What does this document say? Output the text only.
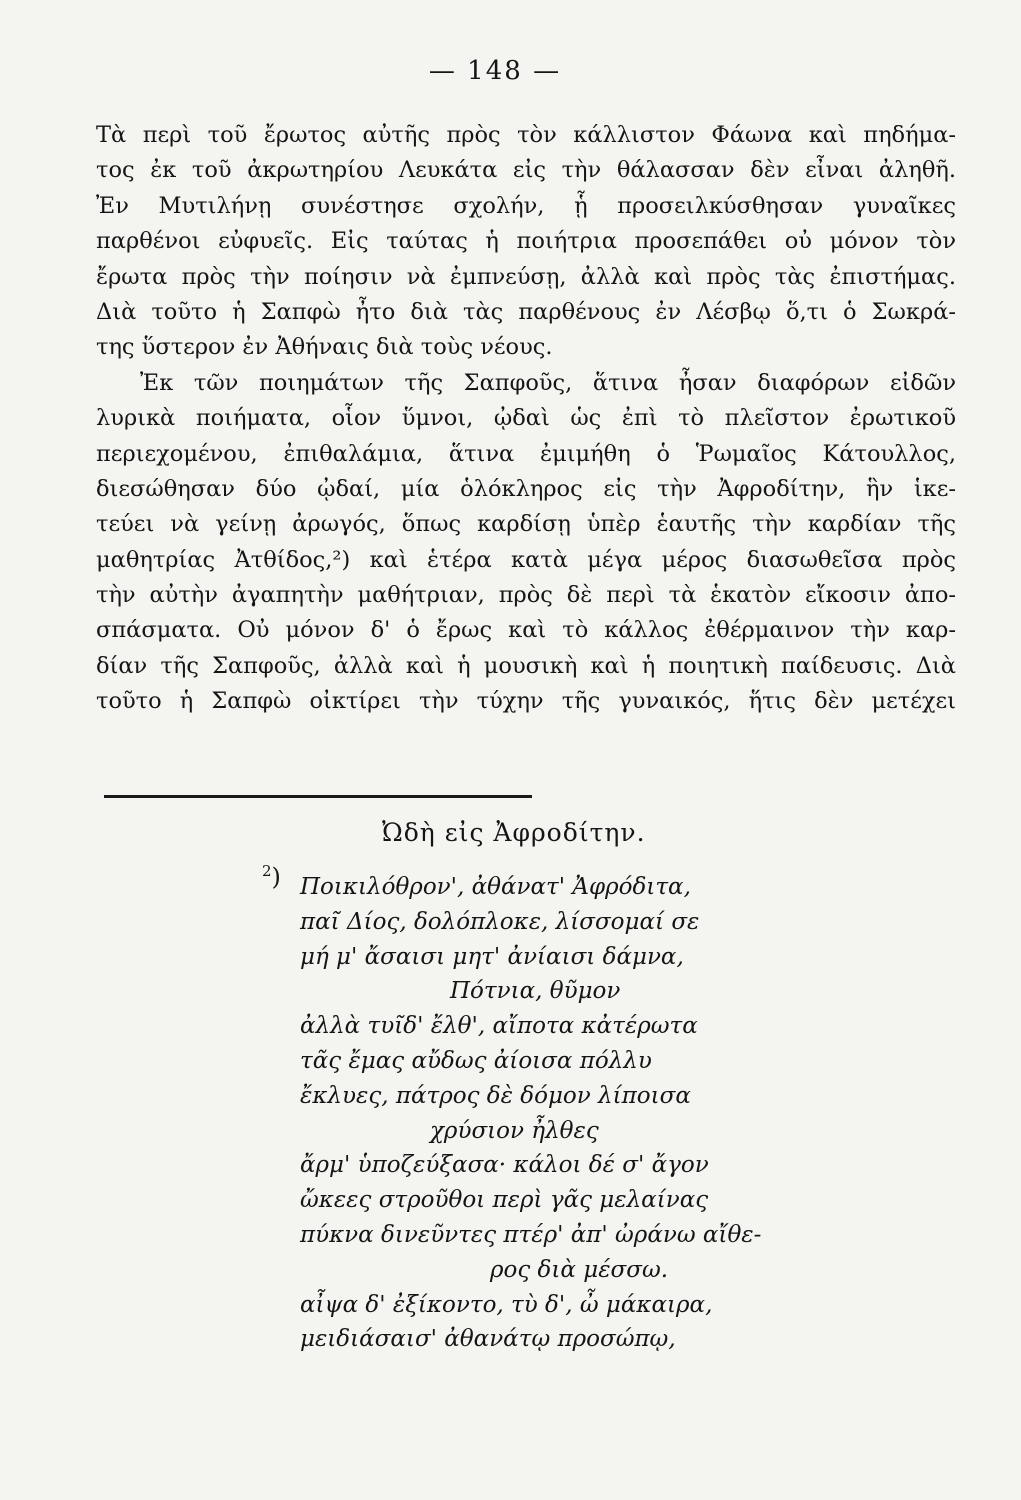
— 148 —
Τὰ περὶ τοῦ ἔρωτος αὐτῆς πρὸς τὸν κάλλιστον Φάωνα καὶ πηδήμα-
τος ἐκ τοῦ ἀκρωτηρίου Λευκάτα εἰς τὴν θάλασσαν δὲν εἶναι ἀληθῆ.
Ἐν Μυτιλήνῃ συνέστησε σχολήν, ᾗ προσειλκύσθησαν γυναῖκες
παρθένοι εὐφυεῖς. Εἰς ταύτας ἡ ποιήτρια προσεπάθει οὐ μόνον τὸν
ἔρωτα πρὸς τὴν ποίησιν νὰ ἐμπνεύσῃ, ἀλλὰ καὶ πρὸς τὰς ἐπιστήμας.
Διὰ τοῦτο ἡ Σαπφὼ ἦτο διὰ τὰς παρθένους ἐν Λέσβῳ ὅ,τι ὁ Σωκρά-
της ὕστερον ἐν Ἀθήναις διὰ τοὺς νέους.
Ἐκ τῶν ποιημάτων τῆς Σαπφοῦς, ἅτινα ἦσαν διαφόρων εἰδῶν
λυρικὰ ποιήματα, οἷον ὕμνοι, ᾠδαὶ ὡς ἐπὶ τὸ πλεῖστον ἐρωτικοῦ
περιεχομένου, ἐπιθαλάμια, ἅτινα ἐμιμήθη ὁ Ῥωμαῖος Κάτουλλος,
διεσώθησαν δύο ᾠδαί, μία ὁλόκληρος εἰς τὴν Ἀφροδίτην, ἣν ἱκε-
τεύει νὰ γείνῃ ἀρωγός, ὅπως καρδίσῃ ὑπὲρ ἑαυτῆς τὴν καρδίαν τῆς
μαθητρίας Ἀτθίδος,²) καὶ ἑτέρα κατὰ μέγα μέρος διασωθεῖσα πρὸς
τὴν αὐτὴν ἀγαπητὴν μαθήτριαν, πρὸς δὲ περὶ τὰ ἑκατὸν εἴκοσιν ἀπο-
σπάσματα. Οὐ μόνον δ' ὁ ἔρως καὶ τὸ κάλλος ἐθέρμαινον τὴν καρ-
δίαν τῆς Σαπφοῦς, ἀλλὰ καὶ ἡ μουσικὴ καὶ ἡ ποιητικὴ παίδευσις. Διὰ
τοῦτο ἡ Σαπφὼ οἰκτίρει τὴν τύχην τῆς γυναικός, ἥτις δὲν μετέχει
Ὠδὴ εἰς Ἀφροδίτην.
$^2$) Ποικιλόθρον', ἀθάνατ' Ἀφρόδιτα,
παῖ Δίος, δολόπλοκε, λίσσομαί σε
μή μ' ἄσαισι μητ' ἀνίαισι δάμνα,
Πότνια, θῦμον
ἀλλὰ τυῖδ' ἔλθ', αἴποτα κἀτέρωτα
τᾶς ἔμας αὔδως ἀίοισα πόλλυ
ἔκλυες, πάτρος δὲ δόμον λίποισα
χρύσιον ἦλθες
ἄρμ' ὑποζεύξασα· κάλοι δέ σ' ἄγον
ὤκεες στροῦθοι περὶ γᾶς μελαίνας
πύκνα δινεῦντες πτέρ' ἀπ' ὠράνω αἴθε-
ρος διὰ μέσσω.
αἶψα δ' ἐξίκοντο, τὺ δ', ὦ μάκαιρα,
μειδιάσαισ' ἀθανάτῳ προσώπῳ,
